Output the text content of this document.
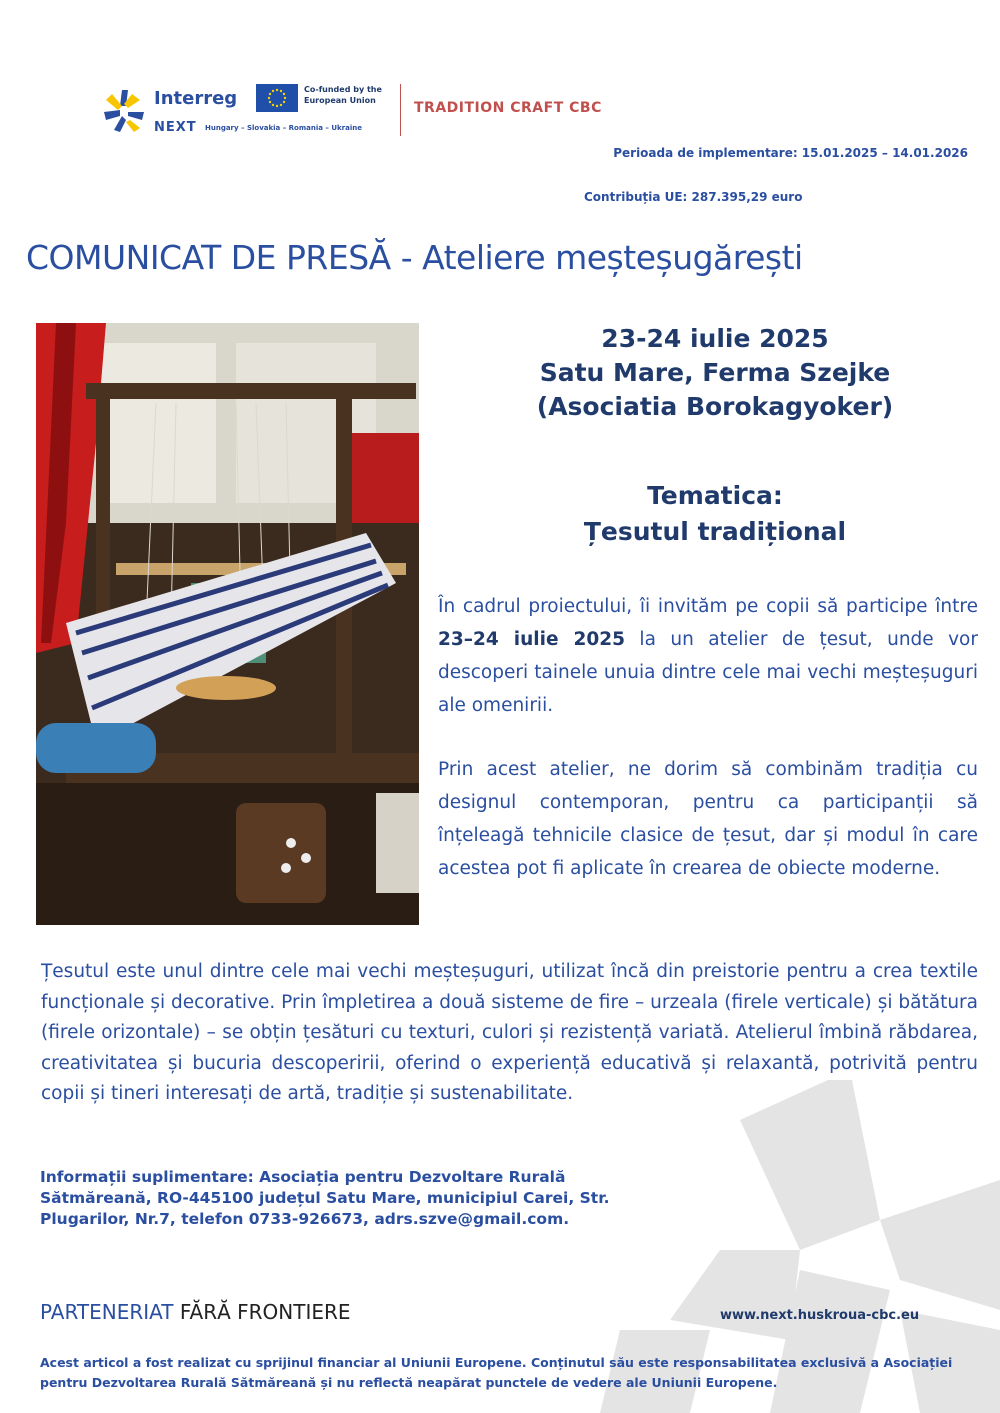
Interreg
NEXT Hungary – Slovakia – Romania – Ukraine
Co-funded by the European Union	TRADITION CRAFT CBC
Perioada de implementare: 15.01.2025 – 14.01.2026
Contribuția UE: 287.395,29 euro
COMUNICAT DE PRESĂ - Ateliere meșteșugărești
23-24 iulie 2025
Satu Mare, Ferma Szejke
(Asociatia Borokagyoker)
Tematica:
Țesutul tradițional

În cadrul proiectului, îi invităm pe copii să participe între 23–24 iulie 2025 la un atelier de țesut, unde vor descoperi tainele unuia dintre cele mai vechi meșteșuguri ale omenirii.

Prin acest atelier, ne dorim să combinăm tradiția cu designul contemporan, pentru ca participanții să înțeleagă tehnicile clasice de țesut, dar și modul în care acestea pot fi aplicate în crearea de obiecte moderne.

Țesutul este unul dintre cele mai vechi meșteșuguri, utilizat încă din preistorie pentru a crea textile funcționale și decorative. Prin împletirea a două sisteme de fire – urzeala (firele verticale) și bătătura (firele orizontale) – se obțin țesături cu texturi, culori și rezistență variată. Atelierul îmbină răbdarea, creativitatea și bucuria descoperirii, oferind o experiență educativă și relaxantă, potrivită pentru copii și tineri interesați de artă, tradiție și sustenabilitate.

Informații suplimentare: Asociația pentru Dezvoltare Rurală Sătmăreană, RO-445100 județul Satu Mare, municipiul Carei, Str. Plugarilor, Nr.7, telefon 0733-926673, adrs.szve@gmail.com.

PARTENERIAT FĂRĂ FRONTIERE	www.next.huskroua-cbc.eu

Acest articol a fost realizat cu sprijinul financiar al Uniunii Europene. Conținutul său este responsabilitatea exclusivă a Asociației pentru Dezvoltarea Rurală Sătmăreană și nu reflectă neapărat punctele de vedere ale Uniunii Europene.
